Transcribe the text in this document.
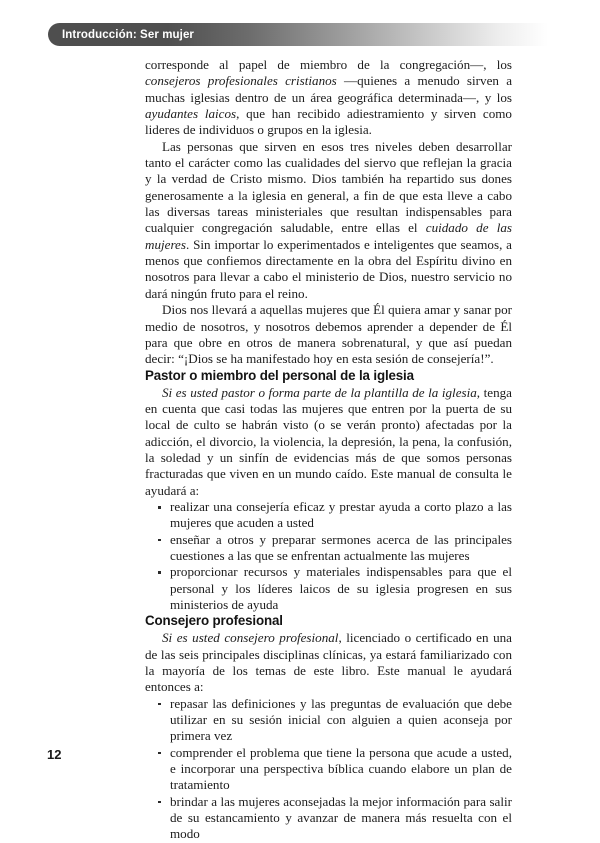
Introducción: Ser mujer

corresponde al papel de miembro de la congregación—, los consejeros profesionales cristianos —quienes a menudo sirven a muchas iglesias dentro de un área geográfica determinada—, y los ayudantes laicos, que han recibido adiestramiento y sirven como lideres de individuos o grupos en la iglesia.

Las personas que sirven en esos tres niveles deben desarrollar tanto el carácter como las cualidades del siervo que reflejan la gracia y la verdad de Cristo mismo. Dios también ha repartido sus dones generosamente a la iglesia en general, a fin de que esta lleve a cabo las diversas tareas ministeriales que resultan indispensables para cualquier congregación saludable, entre ellas el cuidado de las mujeres. Sin importar lo experimentados e inteligentes que seamos, a menos que confiemos directamente en la obra del Espíritu divino en nosotros para llevar a cabo el ministerio de Dios, nuestro servicio no dará ningún fruto para el reino.

Dios nos llevará a aquellas mujeres que Él quiera amar y sanar por medio de nosotros, y nosotros debemos aprender a depender de Él para que obre en otros de manera sobrenatural, y que así puedan decir: “¡Dios se ha manifestado hoy en esta sesión de consejería!”.

Pastor o miembro del personal de la iglesia

Si es usted pastor o forma parte de la plantilla de la iglesia, tenga en cuenta que casi todas las mujeres que entren por la puerta de su local de culto se habrán visto (o se verán pronto) afectadas por la adicción, el divorcio, la violencia, la depresión, la pena, la confusión, la soledad y un sinfín de evidencias más de que somos personas fracturadas que viven en un mundo caído. Este manual de consulta le ayudará a:

realizar una consejería eficaz y prestar ayuda a corto plazo a las mujeres que acuden a usted
enseñar a otros y preparar sermones acerca de las principales cuestiones a las que se enfrentan actualmente las mujeres
proporcionar recursos y materiales indispensables para que el personal y los líderes laicos de su iglesia progresen en sus ministerios de ayuda
Consejero profesional

Si es usted consejero profesional, licenciado o certificado en una de las seis principales disciplinas clínicas, ya estará familiarizado con la mayoría de los temas de este libro. Este manual le ayudará entonces a:

repasar las definiciones y las preguntas de evaluación que debe utilizar en su sesión inicial con alguien a quien aconseja por primera vez
comprender el problema que tiene la persona que acude a usted, e incorporar una perspectiva bíblica cuando elabore un plan de tratamiento
brindar a las mujeres aconsejadas la mejor información para salir de su estancamiento y avanzar de manera más resuelta con el modo
12
